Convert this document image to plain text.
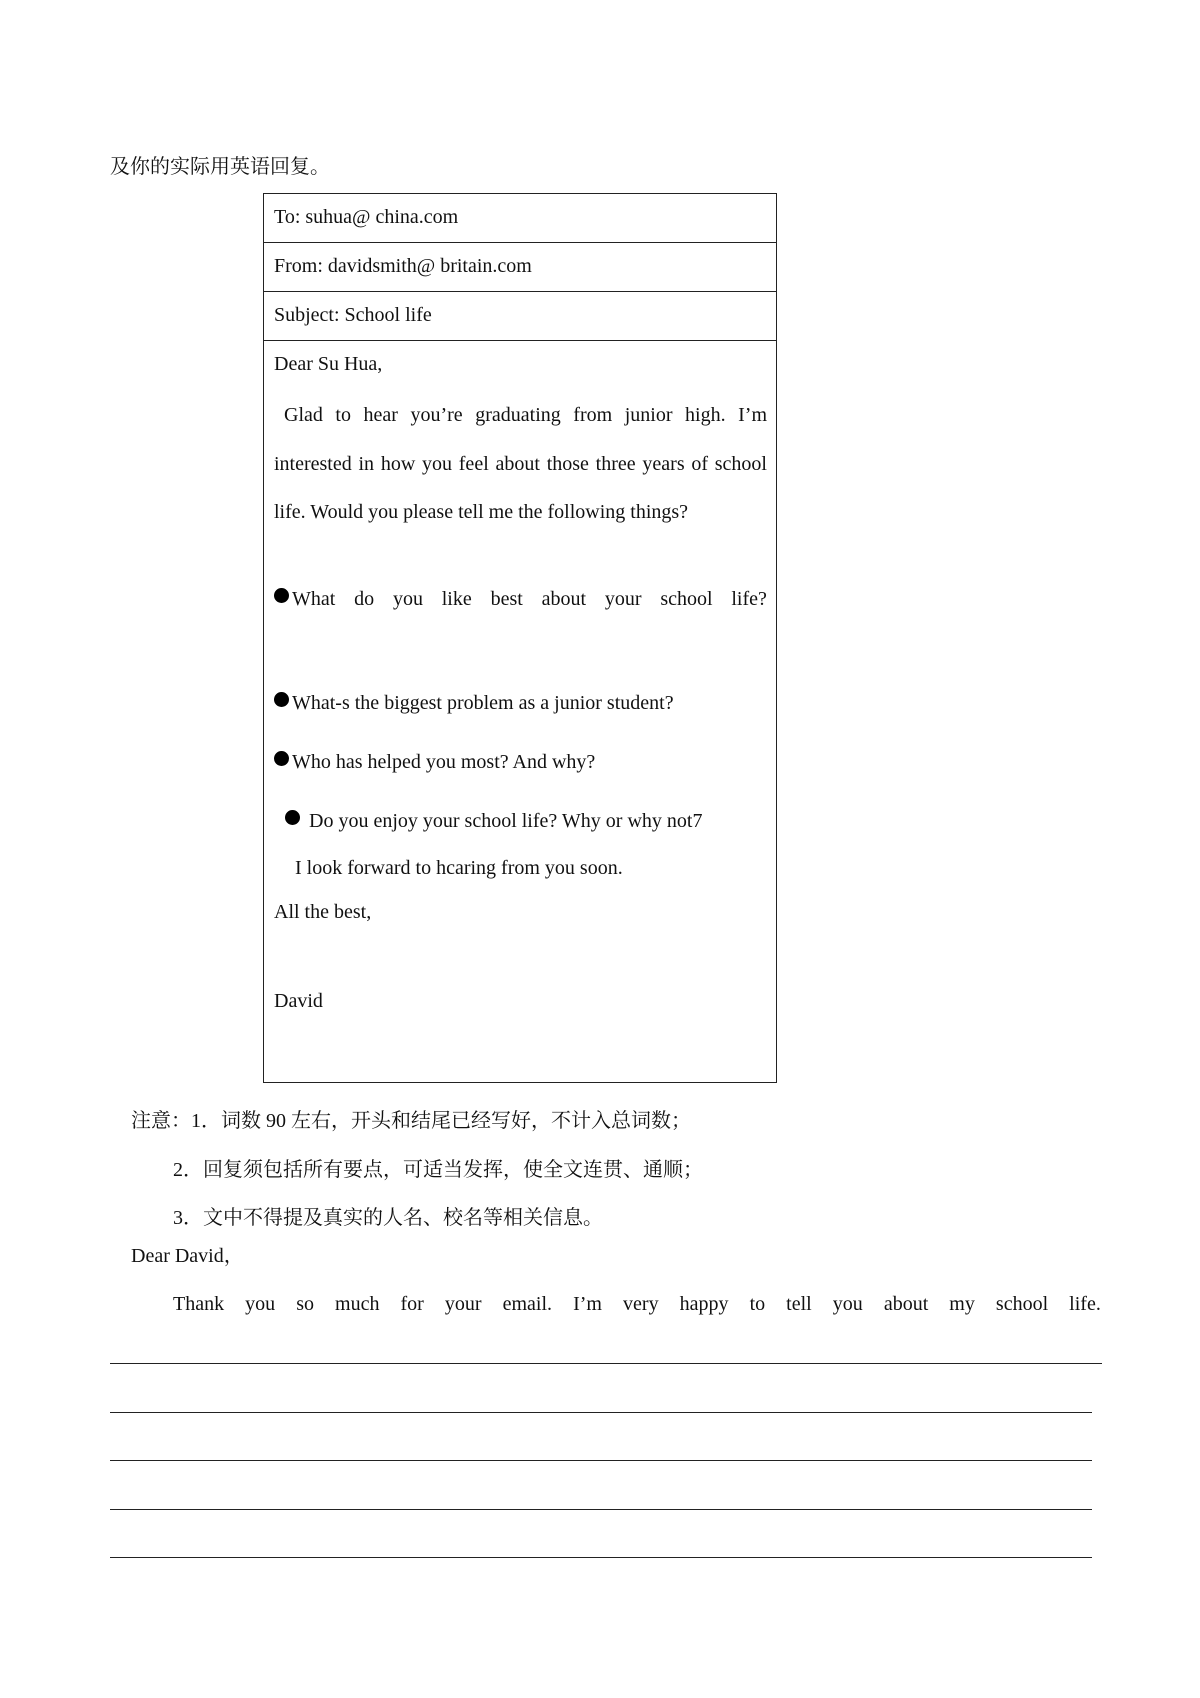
及你的实际用英语回复。
To: suhua@ china.com
From: davidsmith@ britain.com
Subject: School life
Dear Su Hua,
Glad to hear you’re graduating from junior high. I’m interested in how you feel about those three years of school life. Would you please tell me the following things?
What do you like best about your school life?
What-s the biggest problem as a junior student?
Who has helped you most? And why?
Do you enjoy your school life? Why or why not7
I look forward to hcaring from you soon.
All the best,
David
注意：1．词数 90 左右，开头和结尾已经写好，不计入总词数；
2．回复须包括所有要点，可适当发挥，使全文连贯、通顺；
3．文中不得提及真实的人名、校名等相关信息。
Dear David，
Thank you so much for your email. I’m very happy to tell you about my school life.
